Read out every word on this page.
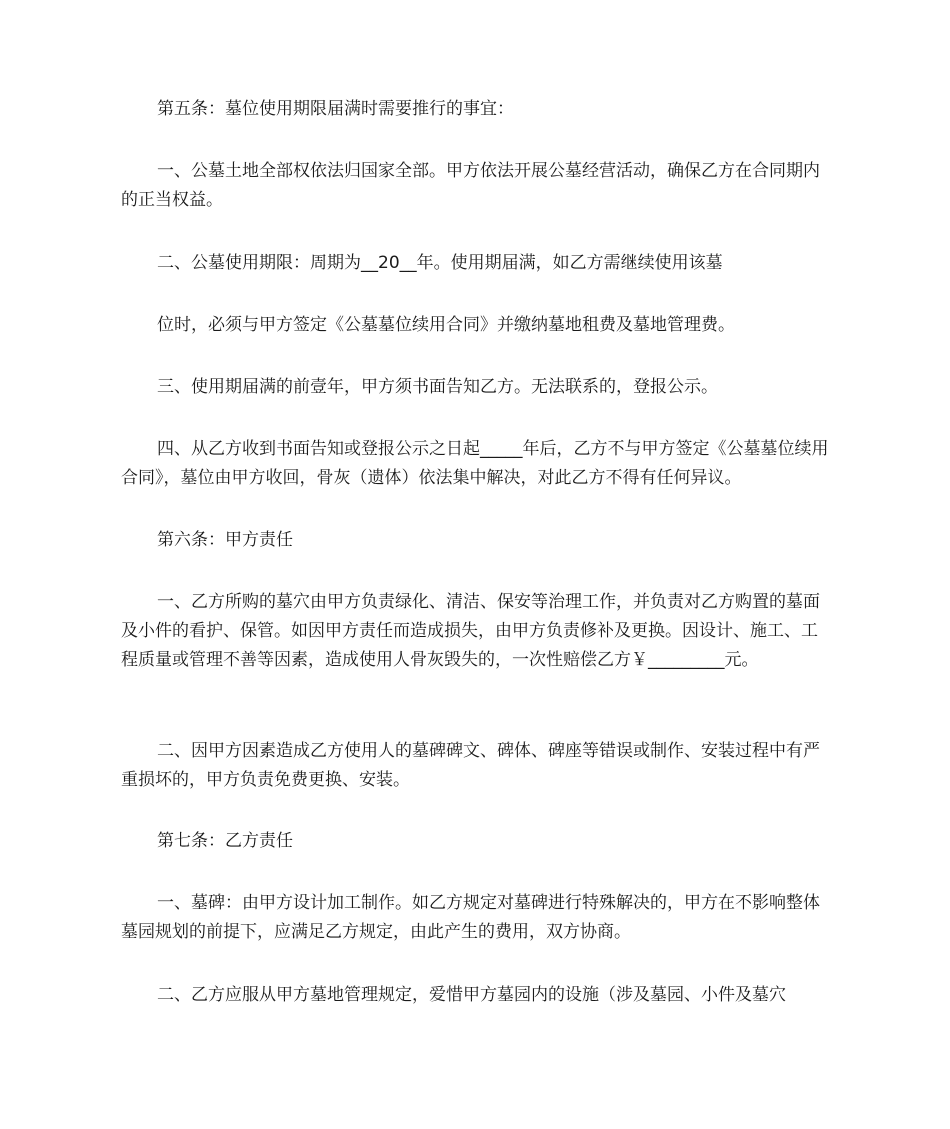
第五条：墓位使用期限届满时需要推行的事宜：

一、公墓土地全部权依法归国家全部。甲方依法开展公墓经营活动，确保乙方在合同期内的正当权益。

二、公墓使用期限：周期为__20__年。使用期届满，如乙方需继续使用该墓

位时，必须与甲方签定《公墓墓位续用合同》并缴纳墓地租费及墓地管理费。

三、使用期届满的前壹年，甲方须书面告知乙方。无法联系的，登报公示。

四、从乙方收到书面告知或登报公示之日起_____年后，乙方不与甲方签定《公墓墓位续用合同》，墓位由甲方收回，骨灰（遗体）依法集中解决，对此乙方不得有任何异议。

第六条：甲方责任

一、乙方所购的墓穴由甲方负责绿化、清洁、保安等治理工作，并负责对乙方购置的墓面及小件的看护、保管。如因甲方责任而造成损失，由甲方负责修补及更换。因设计、施工、工程质量或管理不善等因素，造成使用人骨灰毁失的，一次性赔偿乙方￥_________元。

二、因甲方因素造成乙方使用人的墓碑碑文、碑体、碑座等错误或制作、安装过程中有严重损坏的，甲方负责免费更换、安装。

第七条：乙方责任

一、墓碑：由甲方设计加工制作。如乙方规定对墓碑进行特殊解决的，甲方在不影响整体墓园规划的前提下，应满足乙方规定，由此产生的费用，双方协商。

二、乙方应服从甲方墓地管理规定，爱惜甲方墓园内的设施（涉及墓园、小件及墓穴
